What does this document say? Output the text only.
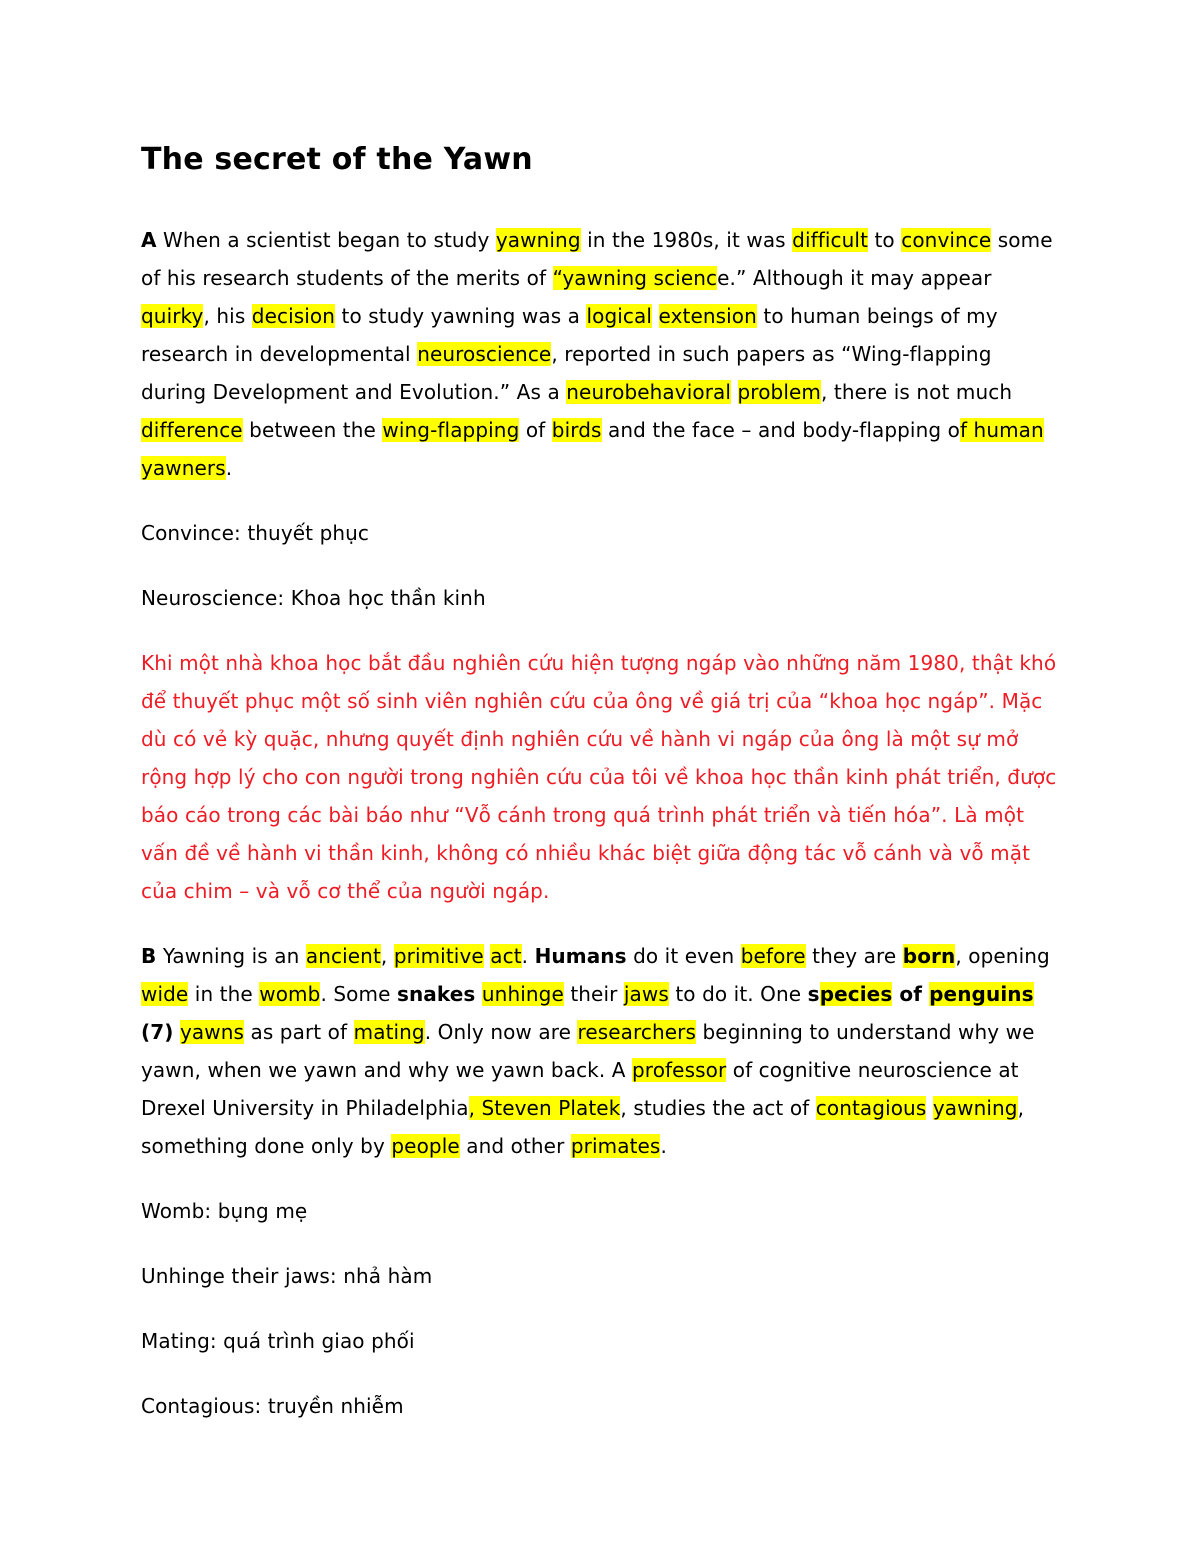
The secret of the Yawn

A When a scientist began to study yawning in the 1980s, it was difficult to convince some of his research students of the merits of “yawning science.” Although it may appear quirky, his decision to study yawning was a logical extension to human beings of my research in developmental neuroscience, reported in such papers as “Wing-flapping during Development and Evolution.” As a neurobehavioral problem, there is not much difference between the wing-flapping of birds and the face – and body-flapping of human yawners.

Convince: thuyết phục

Neuroscience: Khoa học thần kinh

Khi một nhà khoa học bắt đầu nghiên cứu hiện tượng ngáp vào những năm 1980, thật khó để thuyết phục một số sinh viên nghiên cứu của ông về giá trị của “khoa học ngáp”. Mặc dù có vẻ kỳ quặc, nhưng quyết định nghiên cứu về hành vi ngáp của ông là một sự mở rộng hợp lý cho con người trong nghiên cứu của tôi về khoa học thần kinh phát triển, được báo cáo trong các bài báo như “Vỗ cánh trong quá trình phát triển và tiến hóa”. Là một vấn đề về hành vi thần kinh, không có nhiều khác biệt giữa động tác vỗ cánh và vỗ mặt của chim – và vỗ cơ thể của người ngáp.

B Yawning is an ancient, primitive act. Humans do it even before they are born, opening wide in the womb. Some snakes unhinge their jaws to do it. One species of penguins (7) yawns as part of mating. Only now are researchers beginning to understand why we yawn, when we yawn and why we yawn back. A professor of cognitive neuroscience at Drexel University in Philadelphia, Steven Platek, studies the act of contagious yawning, something done only by people and other primates.

Womb: bụng mẹ

Unhinge their jaws: nhả hàm

Mating: quá trình giao phối

Contagious: truyền nhiễm
